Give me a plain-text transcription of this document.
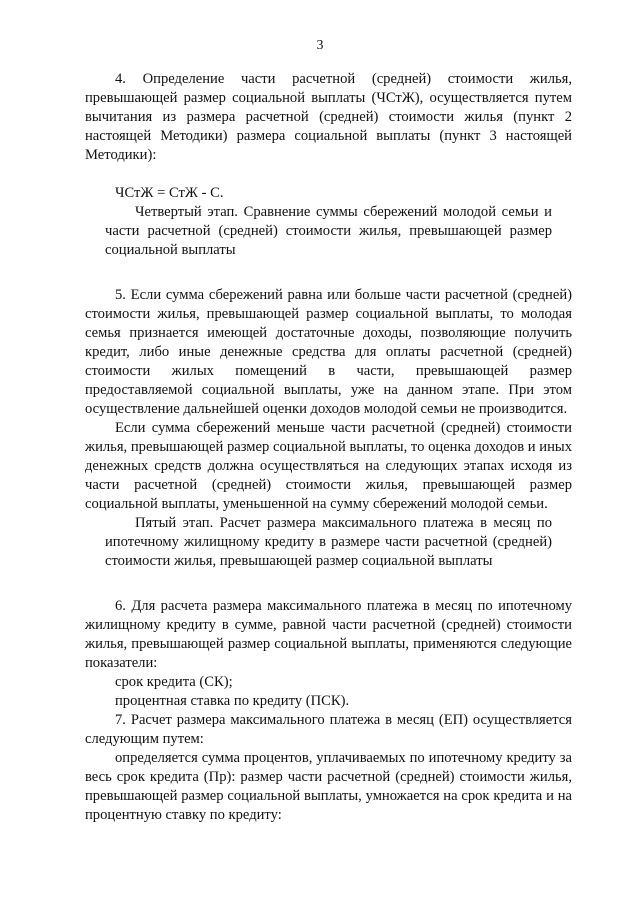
3

4. Определение части расчетной (средней) стоимости жилья, превышающей размер социальной выплаты (ЧСтЖ), осуществляется путем вычитания из размера расчетной (средней) стоимости жилья (пункт 2 настоящей Методики) размера социальной выплаты (пункт 3 настоящей Методики):

ЧСтЖ = СтЖ - С.

Четвертый этап. Сравнение суммы сбережений молодой семьи и части расчетной (средней) стоимости жилья, превышающей размер социальной выплаты

5. Если сумма сбережений равна или больше части расчетной (средней) стоимости жилья, превышающей размер социальной выплаты, то молодая семья признается имеющей достаточные доходы, позволяющие получить кредит, либо иные денежные средства для оплаты расчетной (средней) стоимости жилых помещений в части, превышающей размер предоставляемой социальной выплаты, уже на данном этапе. При этом осуществление дальнейшей оценки доходов молодой семьи не производится.

Если сумма сбережений меньше части расчетной (средней) стоимости жилья, превышающей размер социальной выплаты, то оценка доходов и иных денежных средств должна осуществляться на следующих этапах исходя из части расчетной (средней) стоимости жилья, превышающей размер социальной выплаты, уменьшенной на сумму сбережений молодой семьи.

Пятый этап. Расчет размера максимального платежа в месяц по ипотечному жилищному кредиту в размере части расчетной (средней) стоимости жилья, превышающей размер социальной выплаты

6. Для расчета размера максимального платежа в месяц по ипотечному жилищному кредиту в сумме, равной части расчетной (средней) стоимости жилья, превышающей размер социальной выплаты, применяются следующие показатели:

срок кредита (СК);

процентная ставка по кредиту (ПСК).

7. Расчет размера максимального платежа в месяц (ЕП) осуществляется следующим путем:

определяется сумма процентов, уплачиваемых по ипотечному кредиту за весь срок кредита (Пр): размер части расчетной (средней) стоимости жилья, превышающей размер социальной выплаты, умножается на срок кредита и на процентную ставку по кредиту:
